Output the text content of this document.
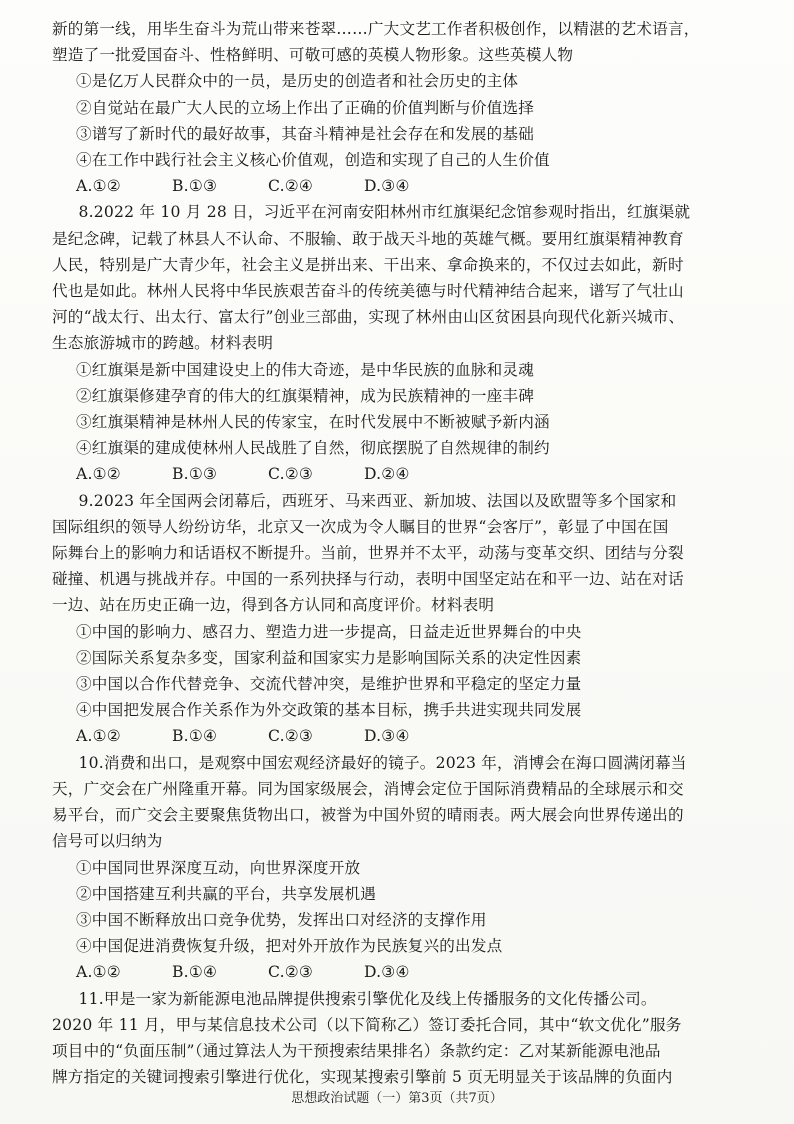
新的第一线，用毕生奋斗为荒山带来苍翠……广大文艺工作者积极创作，以精湛的艺术语言，

塑造了一批爱国奋斗、性格鲜明、可敬可感的英模人物形象。这些英模人物

①是亿万人民群众中的一员，是历史的创造者和社会历史的主体

②自觉站在最广大人民的立场上作出了正确的价值判断与价值选择

③谱写了新时代的最好故事，其奋斗精神是社会存在和发展的基础

④在工作中践行社会主义核心价值观，创造和实现了自己的人生价值

A.①②	B.①③	C.②④	D.③④

8.2022 年 10 月 28 日，习近平在河南安阳林州市红旗渠纪念馆参观时指出，红旗渠就

是纪念碑，记载了林县人不认命、不服输、敢于战天斗地的英雄气概。要用红旗渠精神教育

人民，特别是广大青少年，社会主义是拼出来、干出来、拿命换来的，不仅过去如此，新时

代也是如此。林州人民将中华民族艰苦奋斗的传统美德与时代精神结合起来，谱写了气壮山

河的“战太行、出太行、富太行”创业三部曲，实现了林州由山区贫困县向现代化新兴城市、

生态旅游城市的跨越。材料表明

①红旗渠是新中国建设史上的伟大奇迹，是中华民族的血脉和灵魂

②红旗渠修建孕育的伟大的红旗渠精神，成为民族精神的一座丰碑

③红旗渠精神是林州人民的传家宝，在时代发展中不断被赋予新内涵

④红旗渠的建成使林州人民战胜了自然，彻底摆脱了自然规律的制约

A.①②	B.①③	C.②③	D.②④

9.2023 年全国两会闭幕后，西班牙、马来西亚、新加坡、法国以及欧盟等多个国家和

国际组织的领导人纷纷访华，北京又一次成为令人瞩目的世界“会客厅”，彰显了中国在国

际舞台上的影响力和话语权不断提升。当前，世界并不太平，动荡与变革交织、团结与分裂

碰撞、机遇与挑战并存。中国的一系列抉择与行动，表明中国坚定站在和平一边、站在对话

一边、站在历史正确一边，得到各方认同和高度评价。材料表明

①中国的影响力、感召力、塑造力进一步提高，日益走近世界舞台的中央

②国际关系复杂多变，国家利益和国家实力是影响国际关系的决定性因素

③中国以合作代替竞争、交流代替冲突，是维护世界和平稳定的坚定力量

④中国把发展合作关系作为外交政策的基本目标，携手共进实现共同发展

A.①②	B.①④	C.②③	D.③④

10.消费和出口，是观察中国宏观经济最好的镜子。2023 年，消博会在海口圆满闭幕当

天，广交会在广州隆重开幕。同为国家级展会，消博会定位于国际消费精品的全球展示和交

易平台，而广交会主要聚焦货物出口，被誉为中国外贸的晴雨表。两大展会向世界传递出的

信号可以归纳为

①中国同世界深度互动，向世界深度开放

②中国搭建互利共赢的平台，共享发展机遇

③中国不断释放出口竞争优势，发挥出口对经济的支撑作用

④中国促进消费恢复升级，把对外开放作为民族复兴的出发点

A.①②	B.①④	C.②③	D.③④

11.甲是一家为新能源电池品牌提供搜索引擎优化及线上传播服务的文化传播公司。

2020 年 11 月，甲与某信息技术公司（以下简称乙）签订委托合同，其中“软文优化”服务

项目中的“负面压制”（通过算法人为干预搜索结果排名）条款约定：乙对某新能源电池品

牌方指定的关键词搜索引擎进行优化，实现某搜索引擎前 5 页无明显关于该品牌的负面内

思想政治试题（一）第3页（共7页）
